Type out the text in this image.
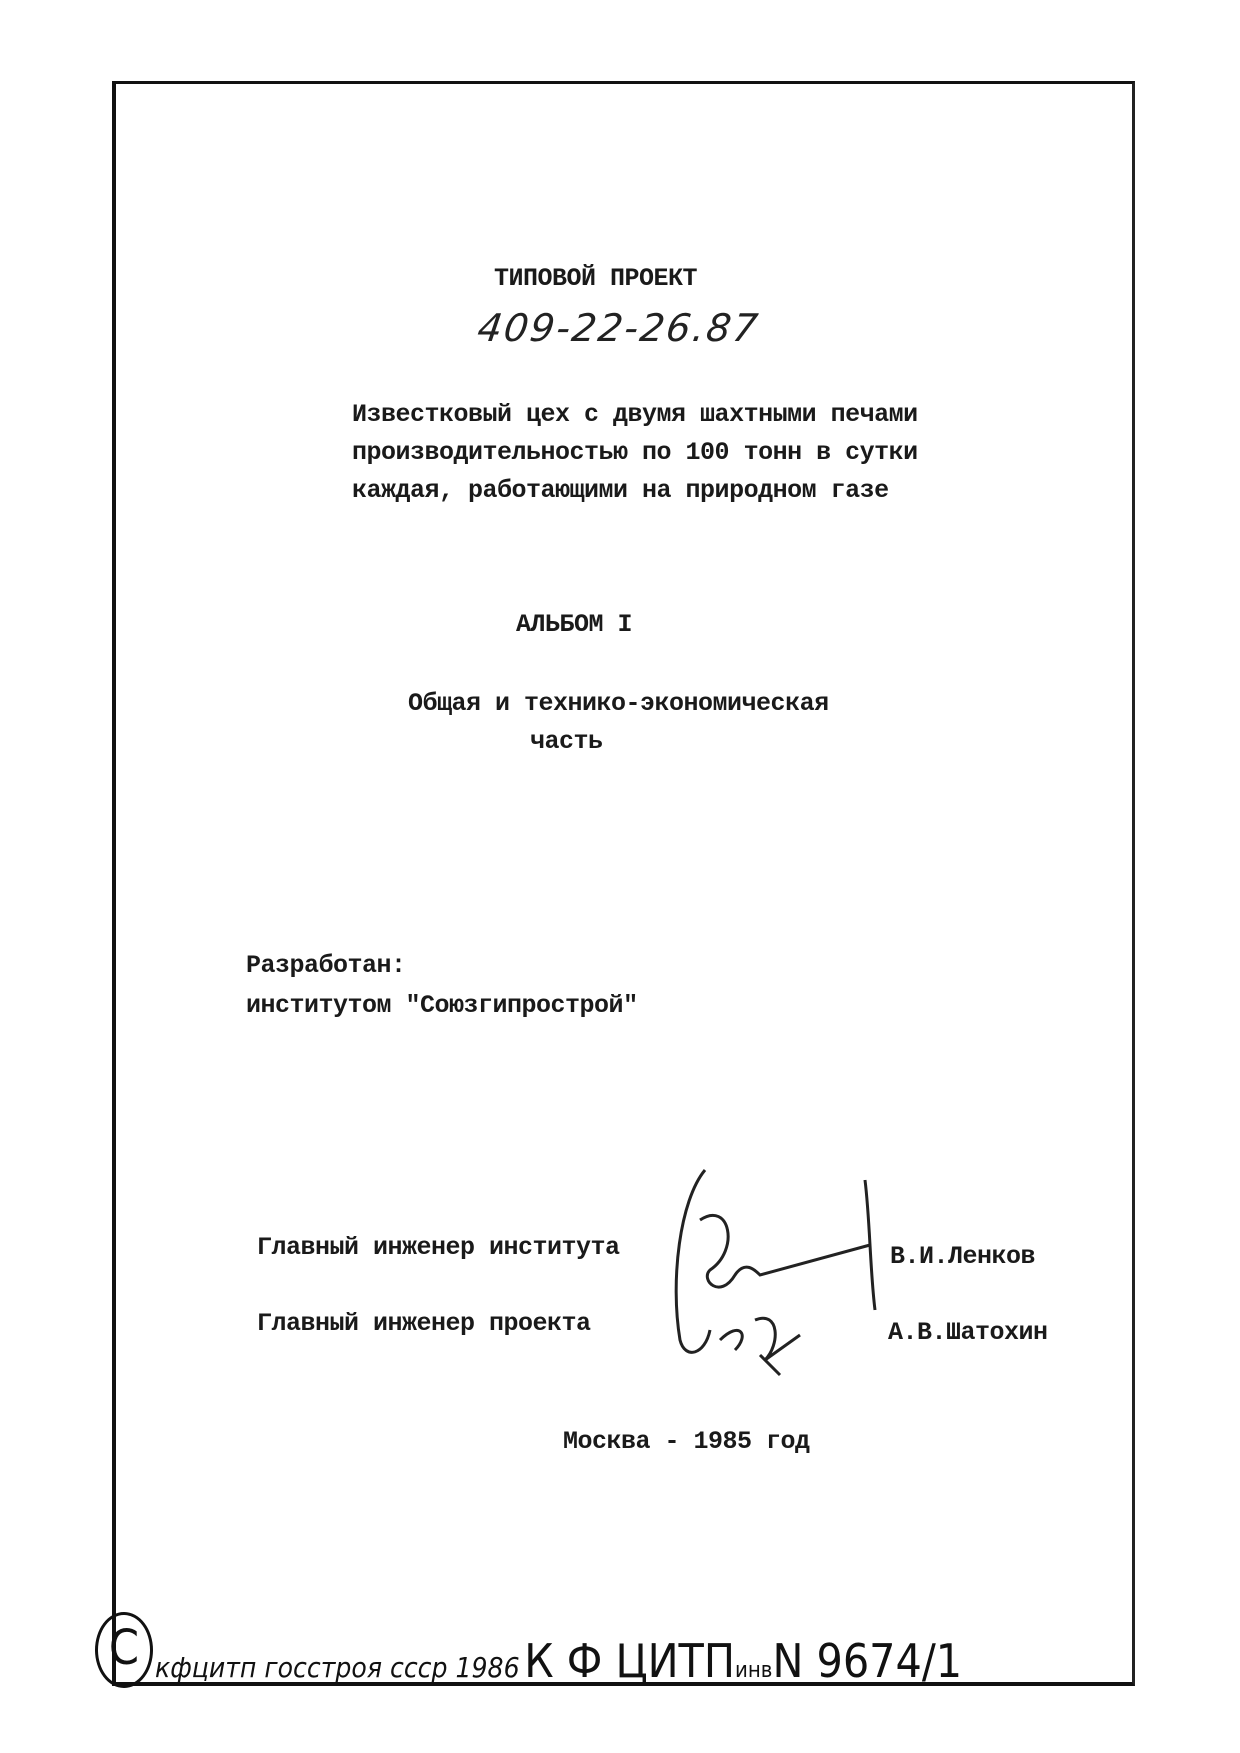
ТИПОВОЙ ПРОЕКТ
409-22-26.87
Известковый цех с двумя шахтными печами
производительностью по 100 тонн в сутки
каждая, работающими на природном газе
АЛЬБОМ I
Общая и технико-экономическая
часть
Разработан:
институтом "Союзгипрострой"
Главный инженер института	В.И.Ленков
Главный инженер проекта	А.В.Шатохин
Москва - 1985 год
С кфцитп госстроя ссср 1986 К Ф ЦИТПинвN 9674/1
